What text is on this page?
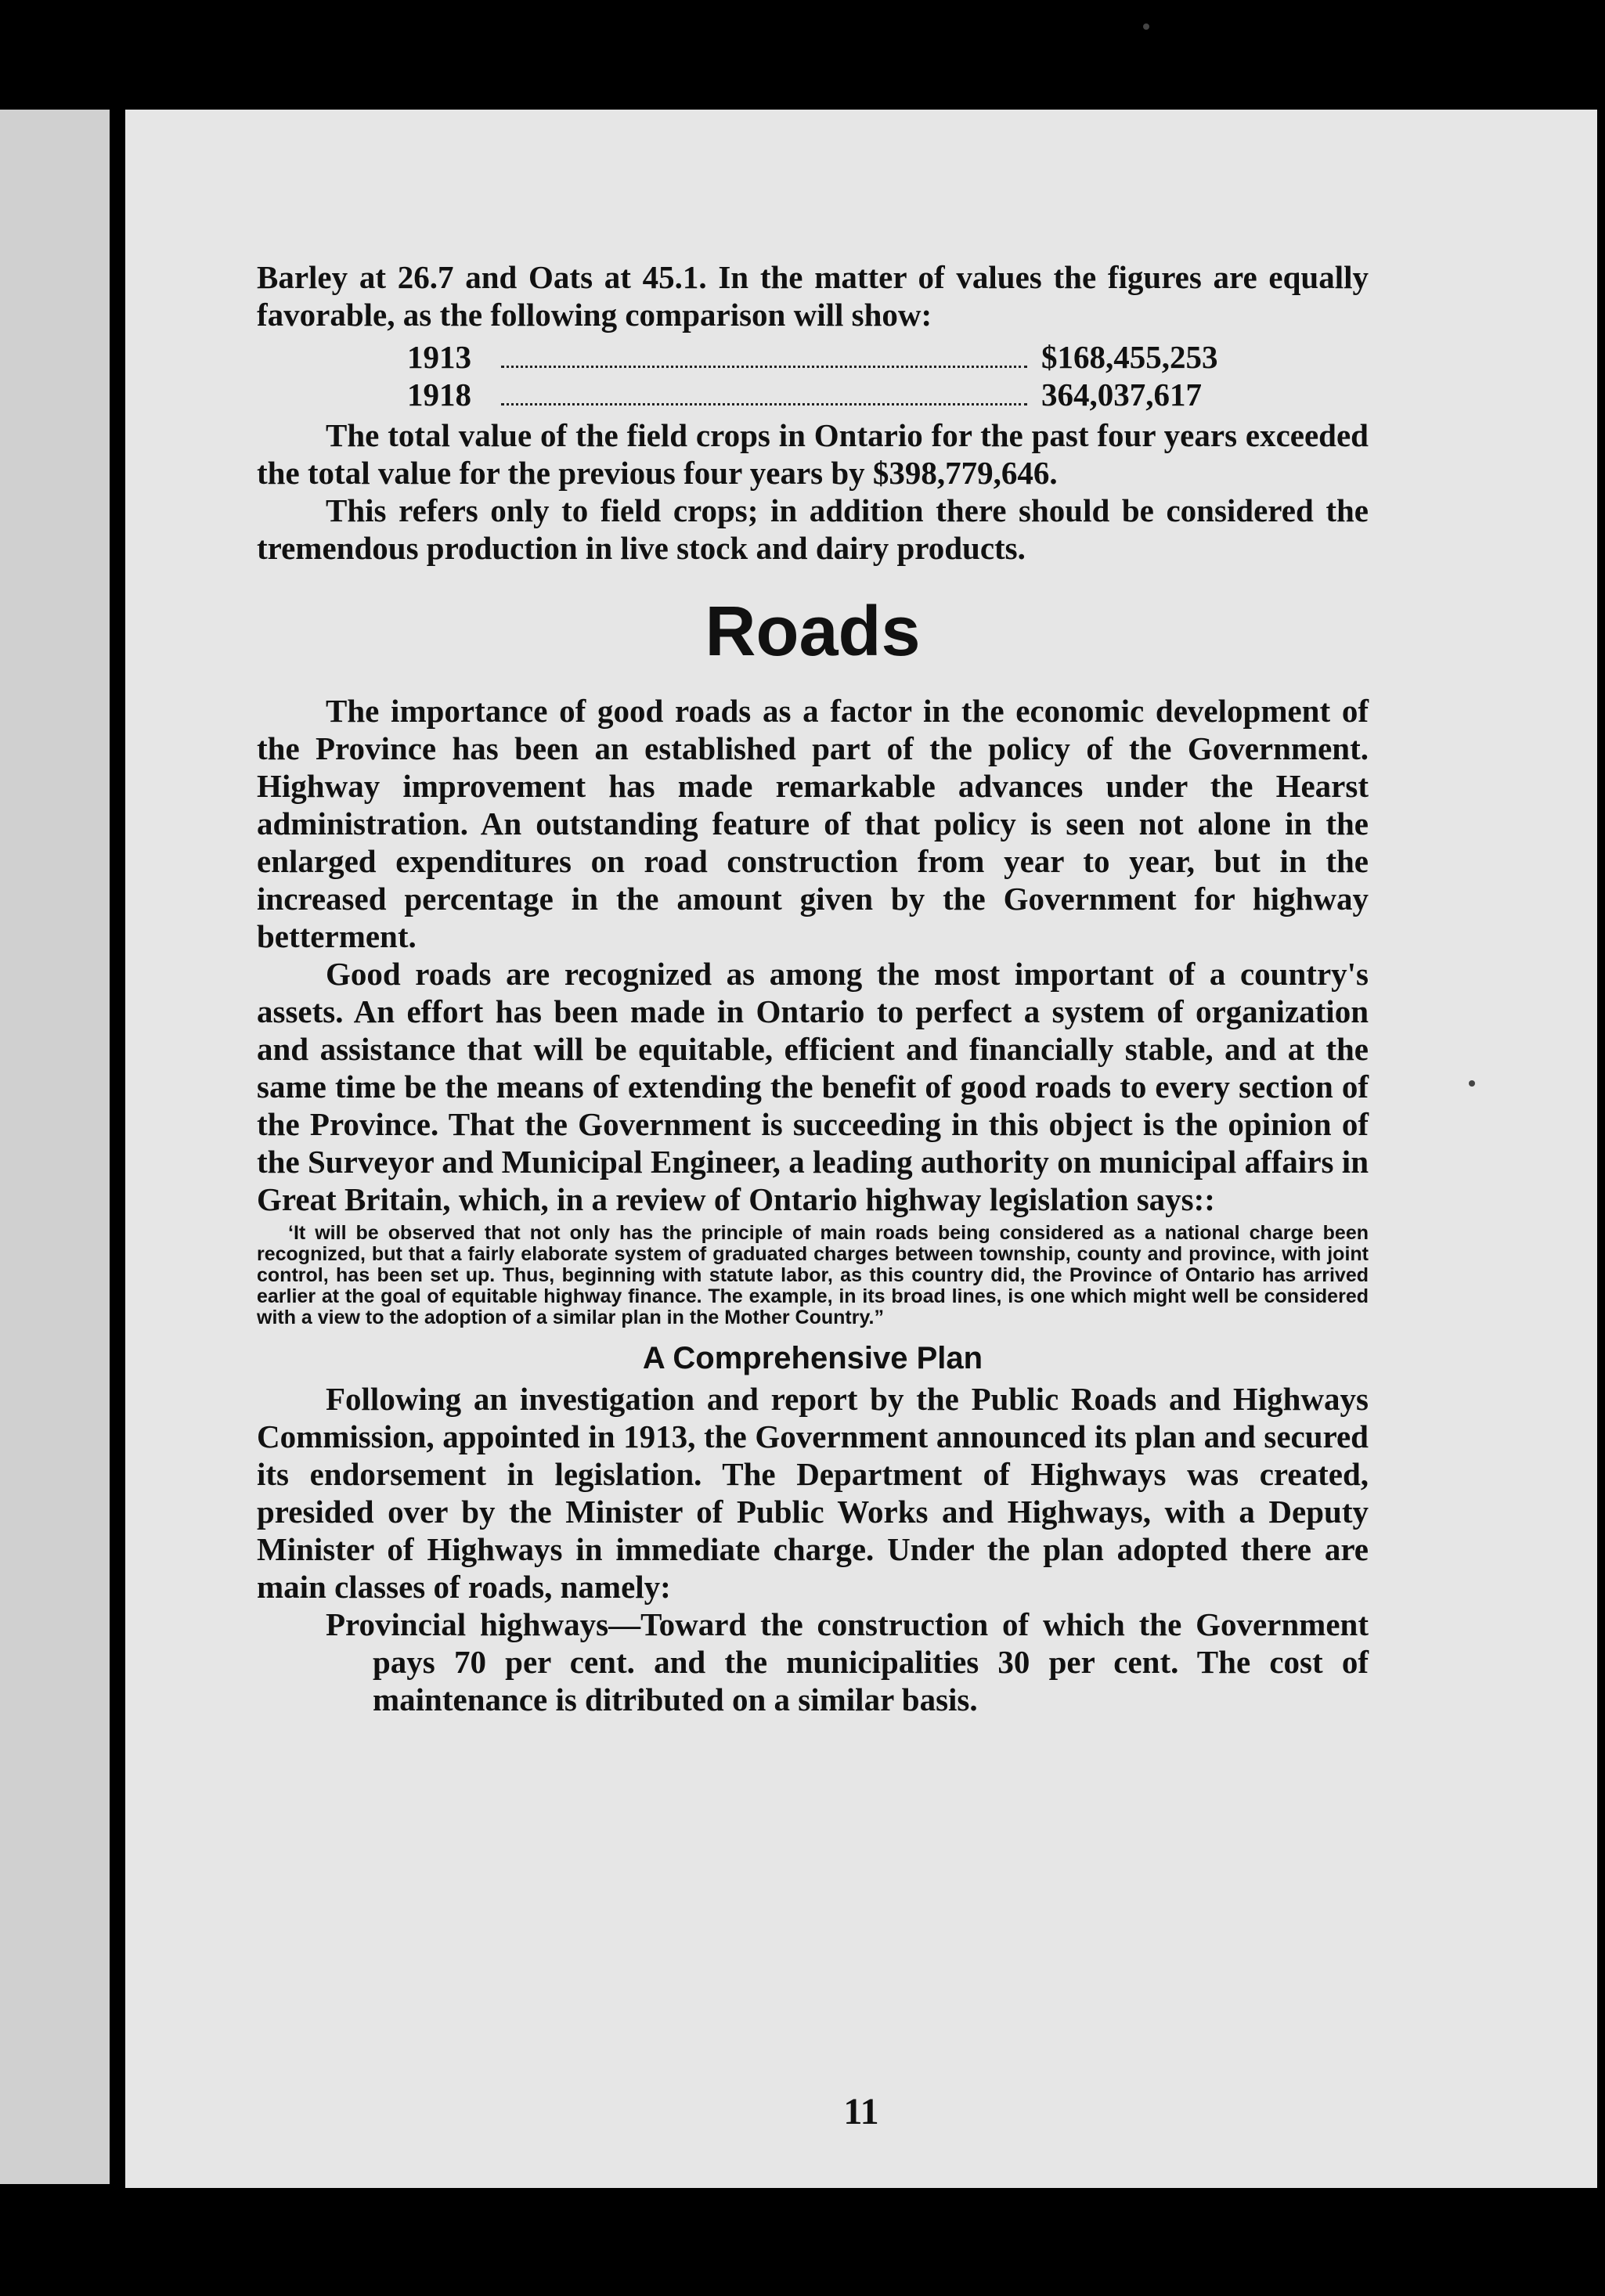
Barley at 26.7 and Oats at 45.1. In the matter of values the figures are equally favorable, as the following comparison will show:

1913	$168,455,253
1918	364,037,617

The total value of the field crops in Ontario for the past four years exceeded the total value for the previous four years by $398,779,646.

This refers only to field crops; in addition there should be considered the tremendous production in live stock and dairy products.

Roads

The importance of good roads as a factor in the economic development of the Province has been an established part of the policy of the Government. Highway improvement has made remarkable advances under the Hearst administration. An outstanding feature of that policy is seen not alone in the enlarged expenditures on road construction from year to year, but in the increased percentage in the amount given by the Government for highway betterment.

Good roads are recognized as among the most important of a country's assets. An effort has been made in Ontario to perfect a system of organization and assistance that will be equitable, efficient and financially stable, and at the same time be the means of extending the benefit of good roads to every section of the Province. That the Government is succeeding in this object is the opinion of the Surveyor and Municipal Engineer, a leading authority on municipal affairs in Great Britain, which, in a review of Ontario highway legislation says::

‘It will be observed that not only has the principle of main roads being considered as a national charge been recognized, but that a fairly elaborate system of graduated charges between township, county and province, with joint control, has been set up. Thus, beginning with statute labor, as this country did, the Province of Ontario has arrived earlier at the goal of equitable highway finance. The example, in its broad lines, is one which might well be considered with a view to the adoption of a similar plan in the Mother Country.”

A Comprehensive Plan

Following an investigation and report by the Public Roads and Highways Commission, appointed in 1913, the Government announced its plan and secured its endorsement in legislation. The Department of Highways was created, presided over by the Minister of Public Works and Highways, with a Deputy Minister of Highways in immediate charge. Under the plan adopted there are main classes of roads, namely:

Provincial highways—Toward the construction of which the Government pays 70 per cent. and the municipalities 30 per cent. The cost of maintenance is ditributed on a similar basis.

11
